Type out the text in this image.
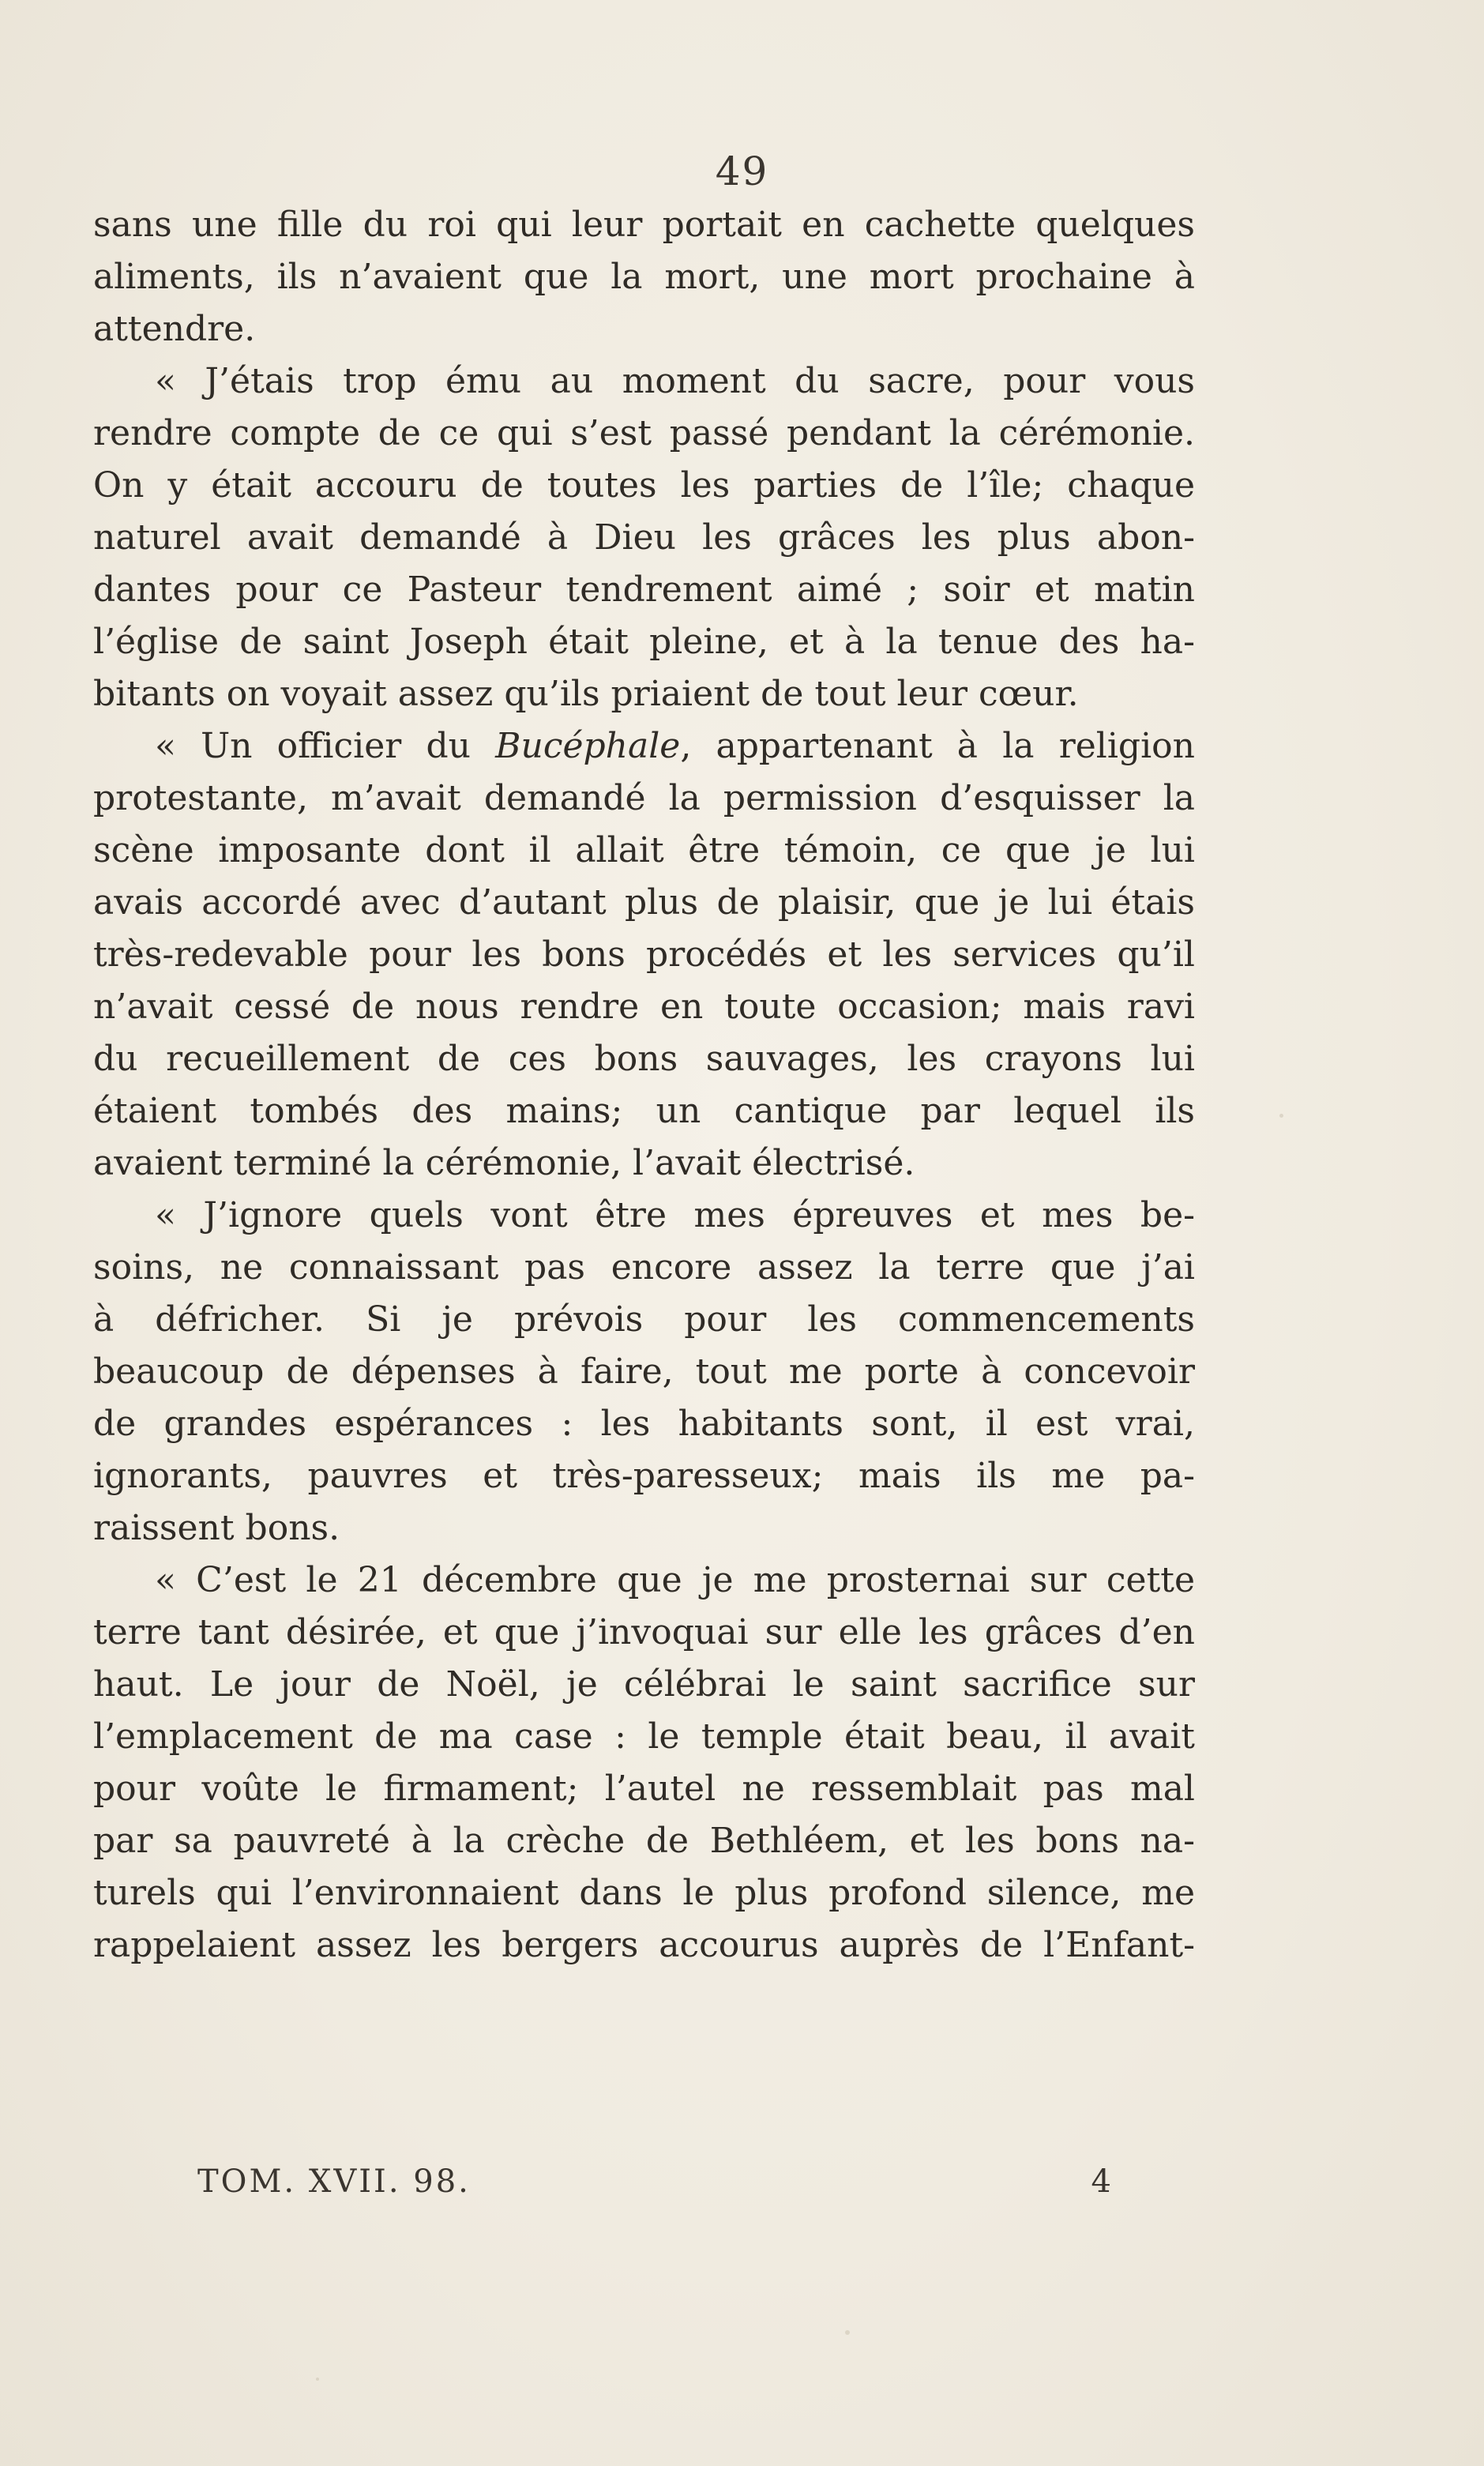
49
sans une fille du roi qui leur portait en cachette quelques
aliments, ils n’avaient que la mort, une mort prochaine à
attendre.
« J’étais trop ému au moment du sacre, pour vous
rendre compte de ce qui s’est passé pendant la cérémonie.
On y était accouru de toutes les parties de l’île; chaque
naturel avait demandé à Dieu les grâces les plus abon-
dantes pour ce Pasteur tendrement aimé ; soir et matin
l’église de saint Joseph était pleine, et à la tenue des ha-
bitants on voyait assez qu’ils priaient de tout leur cœur.
« Un officier du Bucéphale, appartenant à la religion
protestante, m’avait demandé la permission d’esquisser la
scène imposante dont il allait être témoin, ce que je lui
avais accordé avec d’autant plus de plaisir, que je lui étais
très-redevable pour les bons procédés et les services qu’il
n’avait cessé de nous rendre en toute occasion; mais ravi
du recueillement de ces bons sauvages, les crayons lui
étaient tombés des mains; un cantique par lequel ils
avaient terminé la cérémonie, l’avait électrisé.
« J’ignore quels vont être mes épreuves et mes be-
soins, ne connaissant pas encore assez la terre que j’ai
à défricher. Si je prévois pour les commencements
beaucoup de dépenses à faire, tout me porte à concevoir
de grandes espérances : les habitants sont, il est vrai,
ignorants, pauvres et très-paresseux; mais ils me pa-
raissent bons.
« C’est le 21 décembre que je me prosternai sur cette
terre tant désirée, et que j’invoquai sur elle les grâces d’en
haut. Le jour de Noël, je célébrai le saint sacrifice sur
l’emplacement de ma case : le temple était beau, il avait
pour voûte le firmament; l’autel ne ressemblait pas mal
par sa pauvreté à la crèche de Bethléem, et les bons na-
turels qui l’environnaient dans le plus profond silence, me
rappelaient assez les bergers accourus auprès de l’Enfant-
TOM. XVII. 98.	4
